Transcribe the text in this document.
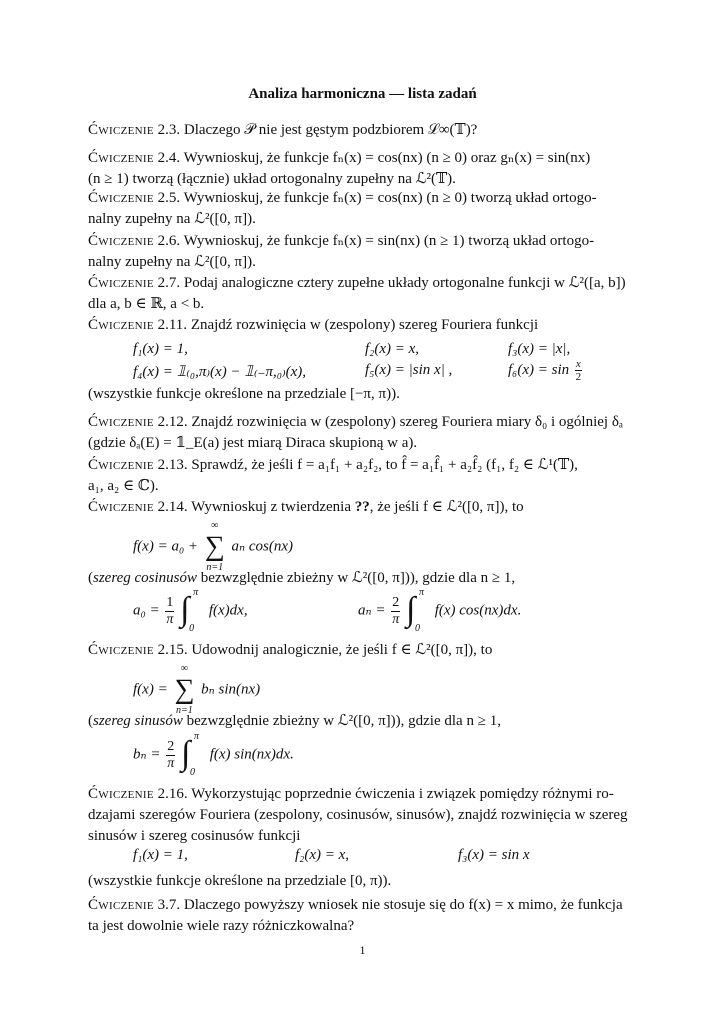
Analiza harmoniczna — lista zadań

Ćwiczenie 2.3. Dlaczego 𝒫 nie jest gęstym podzbiorem ℒ∞(𝕋)?

Ćwiczenie 2.4. Wywnioskuj, że funkcje fₙ(x) = cos(nx) (n ≥ 0) oraz gₙ(x) = sin(nx)
(n ≥ 1) tworzą (łącznie) układ ortogonalny zupełny na ℒ²(𝕋).

Ćwiczenie 2.5. Wywnioskuj, że funkcje fₙ(x) = cos(nx) (n ≥ 0) tworzą układ ortogo-
nalny zupełny na ℒ²([0, π]).

Ćwiczenie 2.6. Wywnioskuj, że funkcje fₙ(x) = sin(nx) (n ≥ 1) tworzą układ ortogo-
nalny zupełny na ℒ²([0, π]).

Ćwiczenie 2.7. Podaj analogiczne cztery zupełne układy ortogonalne funkcji w ℒ²([a, b])
dla a, b ∈ ℝ, a < b.

Ćwiczenie 2.11. Znajdź rozwinięcia w (zespolony) szereg Fouriera funkcji

f₁(x) = 1,	f₂(x) = x,	f₃(x) = |x|,
f₄(x) = 𝟙₍₀,π₎(x) − 𝟙₍₋π,₀₎(x),	f₅(x) = |sin x| ,	$f_6(x) = \sin \frac{x}{2}$

(wszystkie funkcje określone na przedziale [−π, π)).

Ćwiczenie 2.12. Znajdź rozwinięcia w (zespolony) szereg Fouriera miary δ₀ i ogólniej δₐ
(gdzie δₐ(E) = 𝟙_E(a) jest miarą Diraca skupioną w a).

Ćwiczenie 2.13. Sprawdź, że jeśli f = a₁f₁ + a₂f₂, to f̂ = a₁f̂₁ + a₂f̂₂ (f₁, f₂ ∈ ℒ¹(𝕋),
a₁, a₂ ∈ ℂ).

Ćwiczenie 2.14. Wywnioskuj z twierdzenia ??, że jeśli f ∈ ℒ²([0, π]), to

f(x) = a₀ +
∞
∑
n=1
aₙ cos(nx)

(szereg cosinusów bezwzględnie zbieżny w ℒ²([0, π])), gdzie dla n ≥ 1,

$a_0 = \frac{1}{\pi}$
∫ π
0
f(x)dx,	$a_n = \frac{2}{\pi}$
∫ π
0
f(x) cos(nx)dx.

Ćwiczenie 2.15. Udowodnij analogicznie, że jeśli f ∈ ℒ²([0, π]), to

f(x) =
∞
∑
n=1
bₙ sin(nx)

(szereg sinusów bezwzględnie zbieżny w ℒ²([0, π])), gdzie dla n ≥ 1,

$b_n = \frac{2}{\pi}$
∫ π
0
f(x) sin(nx)dx.

Ćwiczenie 2.16. Wykorzystując poprzednie ćwiczenia i związek pomiędzy różnymi ro-
dzajami szeregów Fouriera (zespolony, cosinusów, sinusów), znajdź rozwinięcia w szereg
sinusów i szereg cosinusów funkcji

f₁(x) = 1,	f₂(x) = x,	f₃(x) = sin x

(wszystkie funkcje określone na przedziale [0, π)).

Ćwiczenie 3.7. Dlaczego powyższy wniosek nie stosuje się do f(x) = x mimo, że funkcja
ta jest dowolnie wiele razy różniczkowalna?

1
